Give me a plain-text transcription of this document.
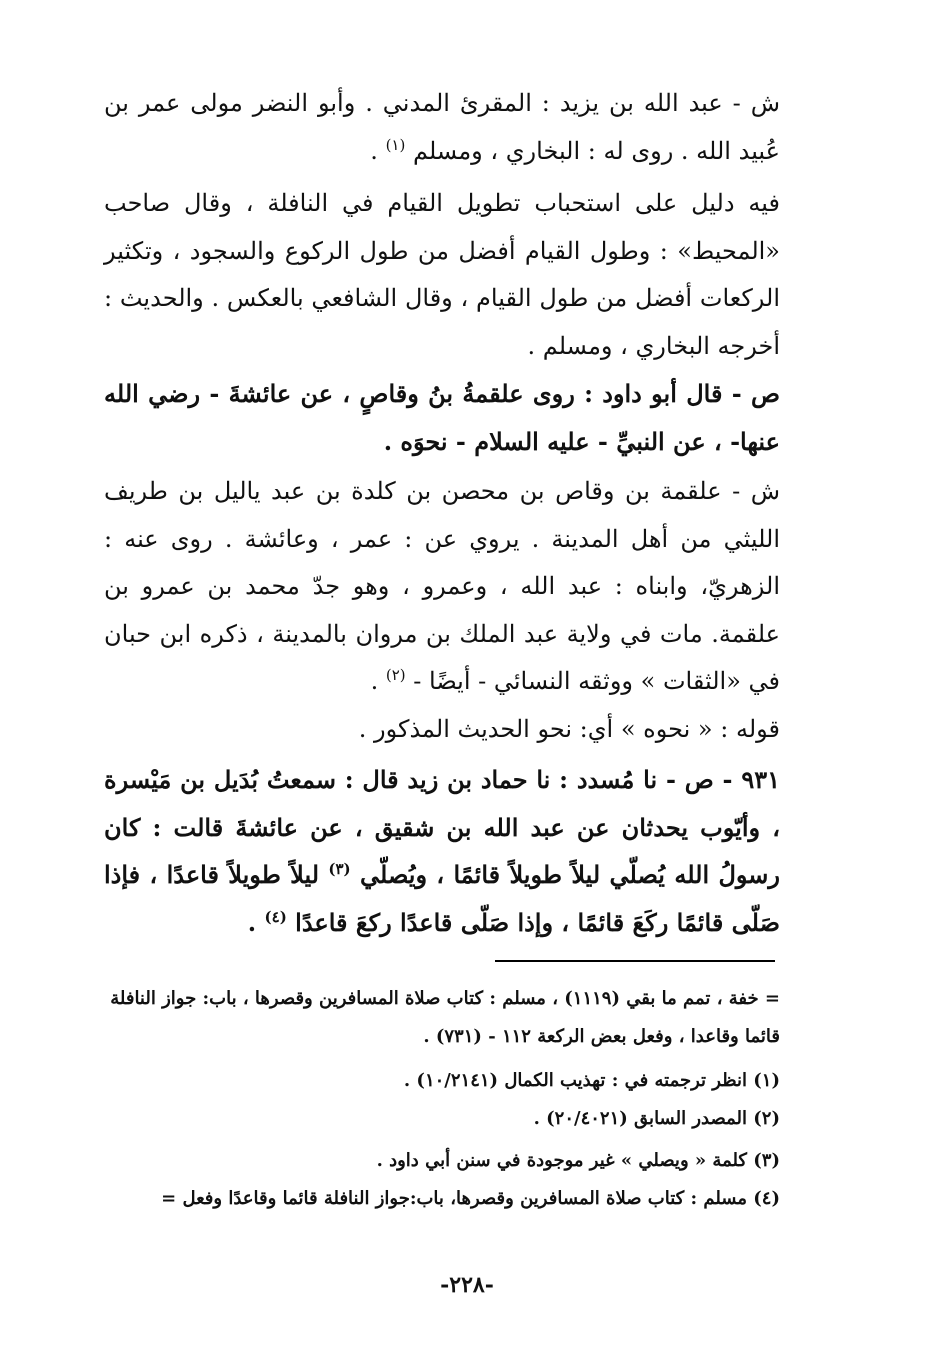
ش - عبد الله بن يزيد : المقرئ المدني . وأبو النضر مولى عمر بن عُبيد الله . روى له : البخاري ، ومسلم $^{(١)}$ .

فيه دليل على استحباب تطويل القيام في النافلة ، وقال صاحب «المحيط» : وطول القيام أفضل من طول الركوع والسجود ، وتكثير الركعات أفضل من طول القيام ، وقال الشافعي بالعكس . والحديث : أخرجه البخاري ، ومسلم .

ص - قال أبو داود : روى علقمةُ بنُ وقاصٍ ، عن عائشةَ - رضي الله عنها- ، عن النبيِّ - عليه السلام - نحوَه .

ش - علقمة بن وقاص بن محصن بن كلدة بن عبد ياليل بن طريف الليثي من أهل المدينة . يروي عن : عمر ، وعائشة . روى عنه : الزهريّ، وابناه : عبد الله ، وعمرو ، وهو جدّ محمد بن عمرو بن علقمة. مات في ولاية عبد الملك بن مروان بالمدينة ، ذكره ابن حبان في «الثقات » ووثقه النسائي - أيضًا - $^{(٢)}$ .

قوله : « نحوه » أي: نحو الحديث المذكور .

٩٣١ - ص - نا مُسدد : نا حماد بن زيد قال : سمعتُ بُدَيل بن مَيْسرة ، وأيّوب يحدثان عن عبد الله بن شقيق ، عن عائشةَ قالت : كان رسولُ الله يُصلّي ليلاً طويلاً قائمًا ، ويُصلّي $^{(٣)}$ ليلاً طويلاً قاعدًا ، فإذا صَلّى قائمًا ركَعَ قائمًا ، وإذا صَلّى قاعدًا ركعَ قاعدًا $^{(٤)}$ .

= خفة ، تمم ما بقي (١١١٩) ، مسلم : كتاب صلاة المسافرين وقصرها ، باب: جواز النافلة قائما وقاعدا ، وفعل بعض الركعة ١١٢ - (٧٣١) .

(١) انظر ترجمته في : تهذيب الكمال (١٠/٢١٤١) .

(٢) المصدر السابق (٢٠/٤٠٢١) .

(٣) كلمة « ويصلي » غير موجودة في سنن أبي داود .

(٤) مسلم : كتاب صلاة المسافرين وقصرها، باب:جواز النافلة قائما وقاعدًا وفعل =

-٢٢٨-
